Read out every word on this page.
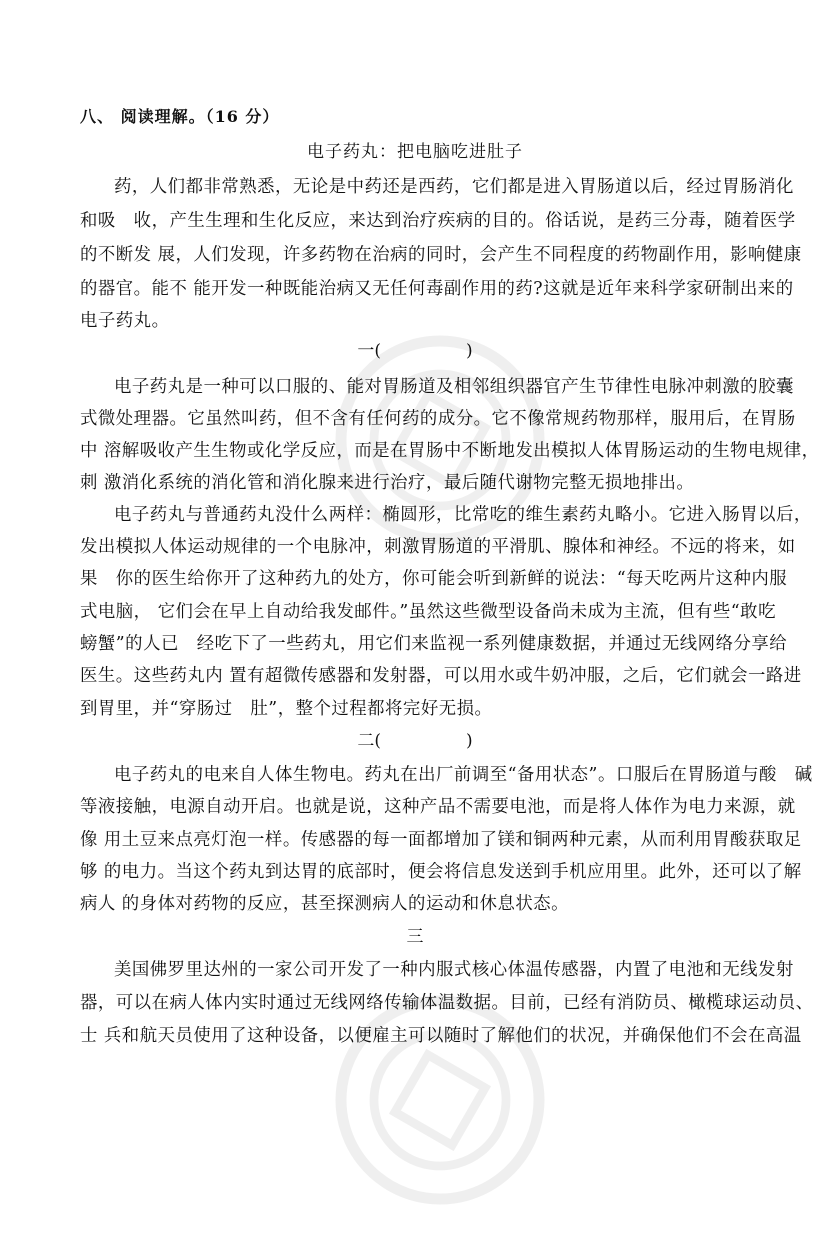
八、 阅读理解。（16 分）
电子药丸：把电脑吃进肚子
药，人们都非常熟悉，无论是中药还是西药，它们都是进入胃肠道以后，经过胃肠消化
和吸　收，产生生理和生化反应，来达到治疗疾病的目的。俗话说，是药三分毒，随着医学
的不断发 展，人们发现，许多药物在治病的同时，会产生不同程度的药物副作用，影响健康
的器官。能不 能开发一种既能治病又无任何毒副作用的药?这就是近年来科学家研制出来的
电子药丸。
一(　　　　　)
电子药丸是一种可以口服的、能对胃肠道及相邻组织器官产生节律性电脉冲刺激的胶囊
式微处理器。它虽然叫药，但不含有任何药的成分。它不像常规药物那样，服用后，在胃肠
中 溶解吸收产生生物或化学反应，而是在胃肠中不断地发出模拟人体胃肠运动的生物电规律，
刺 激消化系统的消化管和消化腺来进行治疗，最后随代谢物完整无损地排出。
电子药丸与普通药丸没什么两样：椭圆形，比常吃的维生素药丸略小。它进入肠胃以后，
发出模拟人体运动规律的一个电脉冲，刺激胃肠道的平滑肌、腺体和神经。不远的将来，如
果　你的医生给你开了这种药九的处方，你可能会听到新鲜的说法：“每天吃两片这种内服
式电脑， 它们会在早上自动给我发邮件。”虽然这些微型设备尚未成为主流，但有些“敢吃
螃蟹”的人已　经吃下了一些药丸，用它们来监视一系列健康数据，并通过无线网络分享给
医生。这些药丸内 置有超微传感器和发射器，可以用水或牛奶冲服，之后，它们就会一路进
到胃里，并“穿肠过　肚”，整个过程都将完好无损。
二(　　　　　)
电子药丸的电来自人体生物电。药丸在出厂前调至“备用状态”。口服后在胃肠道与酸　碱
等液接触，电源自动开启。也就是说，这种产品不需要电池，而是将人体作为电力来源，就
像 用土豆来点亮灯泡一样。传感器的每一面都增加了镁和铜两种元素，从而利用胃酸获取足
够 的电力。当这个药丸到达胃的底部时，便会将信息发送到手机应用里。此外，还可以了解
病人 的身体对药物的反应，甚至探测病人的运动和休息状态。
三
美国佛罗里达州的一家公司开发了一种内服式核心体温传感器，内置了电池和无线发射
器，可以在病人体内实时通过无线网络传输体温数据。目前，已经有消防员、橄榄球运动员、
士 兵和航天员使用了这种设备，以便雇主可以随时了解他们的状况，并确保他们不会在高温
